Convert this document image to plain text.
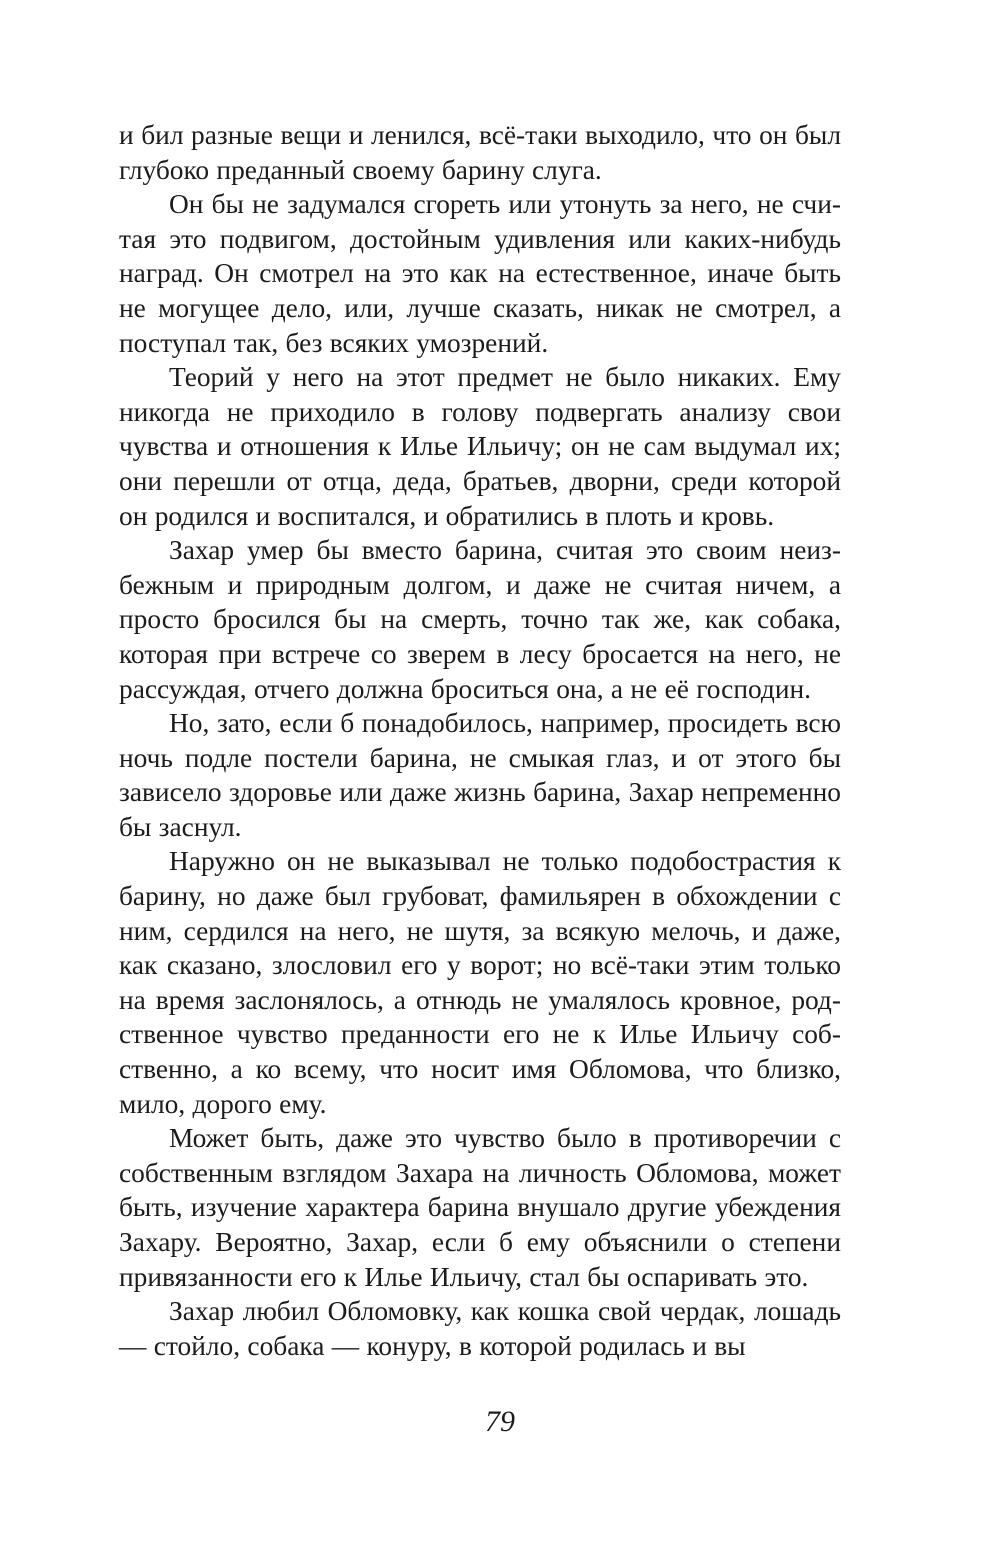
и бил разные вещи и ленился, всё-таки выходило, что он был глубоко преданный своему барину слуга.

Он бы не задумался сгореть или утонуть за него, не считая это подвигом, достойным удивления или каких-нибудь наград. Он смотрел на это как на естественное, иначе быть не могущее дело, или, лучше сказать, никак не смотрел, а поступал так, без всяких умозрений.

Теорий у него на этот предмет не было никаких. Ему никогда не приходило в голову подвергать анализу свои чувства и отношения к Илье Ильичу; он не сам выдумал их; они перешли от отца, деда, братьев, дворни, среди которой он родился и воспитался, и обратились в плоть и кровь.

Захар умер бы вместо барина, считая это своим неизбежным и природным долгом, и даже не считая ничем, а просто бросился бы на смерть, точно так же, как собака, которая при встрече со зверем в лесу бросается на него, не рассуждая, отчего должна броситься она, а не её господин.

Но, зато, если б понадобилось, например, просидеть всю ночь подле постели барина, не смыкая глаз, и от этого бы зависело здоровье или даже жизнь барина, Захар непременно бы заснул.

Наружно он не выказывал не только подобострастия к барину, но даже был грубоват, фамильярен в обхождении с ним, сердился на него, не шутя, за всякую мелочь, и даже, как сказано, злословил его у ворот; но всё-таки этим только на время заслонялось, а отнюдь не умалялось кровное, родственное чувство преданности его не к Илье Ильичу собственно, а ко всему, что носит имя Обломова, что близко, мило, дорого ему.

Может быть, даже это чувство было в противоречии с собственным взглядом Захара на личность Обломова, может быть, изучение характера барина внушало другие убеждения Захару. Вероятно, Захар, если б ему объяснили о степени привязанности его к Илье Ильичу, стал бы оспаривать это.

Захар любил Обломовку, как кошка свой чердак, лошадь — стойло, собака — конуру, в которой родилась и вы

79
